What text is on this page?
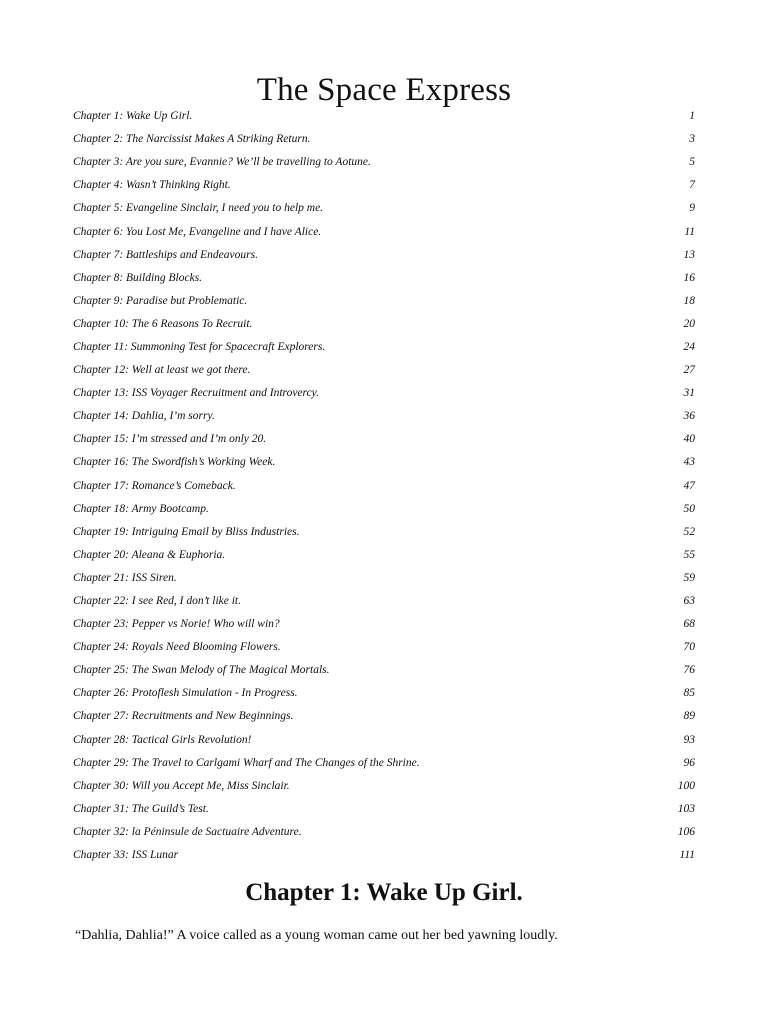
The Space Express
Chapter 1: Wake Up Girl.	1
Chapter 2: The Narcissist Makes A Striking Return.	3
Chapter 3: Are you sure, Evannie? We’ll be travelling to Aotune.	5
Chapter 4: Wasn’t Thinking Right.	7
Chapter 5: Evangeline Sinclair, I need you to help me.	9
Chapter 6: You Lost Me, Evangeline and I have Alice.	11
Chapter 7: Battleships and Endeavours.	13
Chapter 8: Building Blocks.	16
Chapter 9: Paradise but Problematic.	18
Chapter 10: The 6 Reasons To Recruit.	20
Chapter 11: Summoning Test for Spacecraft Explorers.	24
Chapter 12: Well at least we got there.	27
Chapter 13: ISS Voyager Recruitment and Introvercy.	31
Chapter 14: Dahlia, I’m sorry.	36
Chapter 15: I’m stressed and I’m only 20.	40
Chapter 16: The Swordfish’s Working Week.	43
Chapter 17: Romance’s Comeback.	47
Chapter 18: Army Bootcamp.	50
Chapter 19: Intriguing Email by Bliss Industries.	52
Chapter 20: Aleana & Euphoria.	55
Chapter 21: ISS Siren.	59
Chapter 22: I see Red, I don’t like it.	63
Chapter 23: Pepper vs Norie! Who will win?	68
Chapter 24: Royals Need Blooming Flowers.	70
Chapter 25: The Swan Melody of The Magical Mortals.	76
Chapter 26: Protoflesh Simulation - In Progress.	85
Chapter 27: Recruitments and New Beginnings.	89
Chapter 28: Tactical Girls Revolution!	93
Chapter 29: The Travel to Carlgami Wharf and The Changes of the Shrine.	96
Chapter 30: Will you Accept Me, Miss Sinclair.	100
Chapter 31: The Guild’s Test.	103
Chapter 32: la Péninsule de Sactuaire Adventure.	106
Chapter 33: ISS Lunar	111
Chapter 1: Wake Up Girl.

“Dahlia, Dahlia!” A voice called as a young woman came out her bed yawning loudly.
